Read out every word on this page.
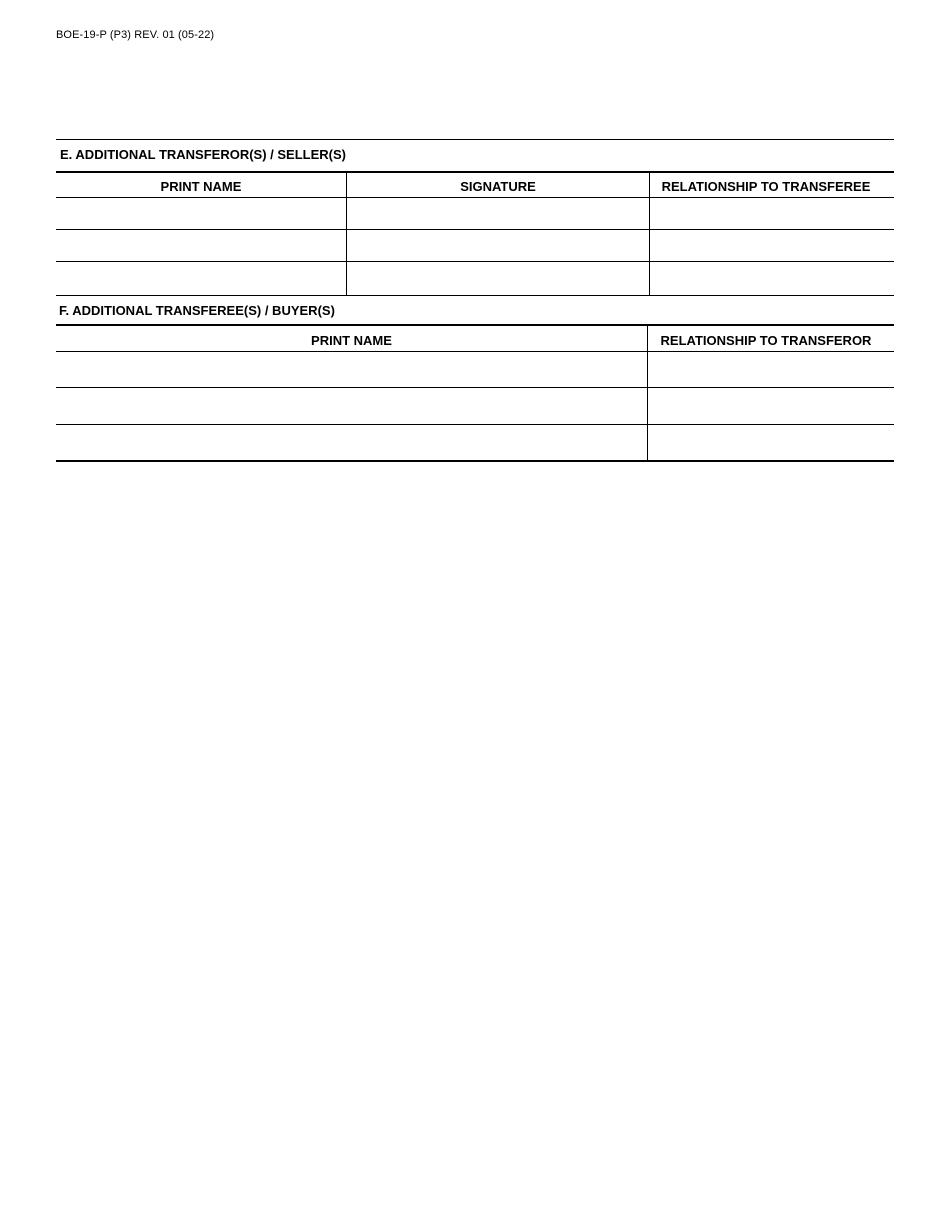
BOE-19-P (P3) REV. 01 (05-22)
E. ADDITIONAL TRANSFEROR(S) / SELLER(S)
PRINT NAME	SIGNATURE	RELATIONSHIP TO TRANSFEREE
F. ADDITIONAL TRANSFEREE(S) / BUYER(S)
PRINT NAME	RELATIONSHIP TO TRANSFEROR
